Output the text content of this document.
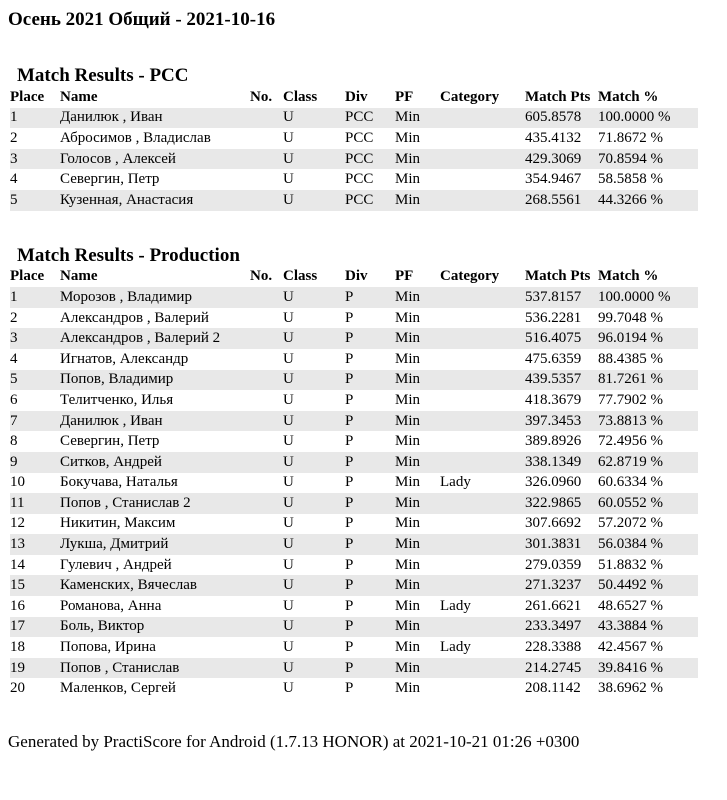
Осень 2021 Общий - 2021-10-16
Match Results - PCC
Place	Name	No.	Class	Div	PF	Category	Match Pts	Match %
1	Данилюк , Иван		U	PCC	Min		605.8578	100.0000 %
2	Абросимов , Владислав		U	PCC	Min		435.4132	71.8672 %
3	Голосов , Алексей		U	PCC	Min		429.3069	70.8594 %
4	Севергин, Петр		U	PCC	Min		354.9467	58.5858 %
5	Кузенная, Анастасия		U	PCC	Min		268.5561	44.3266 %
Match Results - Production
Place	Name	No.	Class	Div	PF	Category	Match Pts	Match %
1	Морозов , Владимир		U	P	Min		537.8157	100.0000 %
2	Александров , Валерий		U	P	Min		536.2281	99.7048 %
3	Александров , Валерий 2		U	P	Min		516.4075	96.0194 %
4	Игнатов, Александр		U	P	Min		475.6359	88.4385 %
5	Попов, Владимир		U	P	Min		439.5357	81.7261 %
6	Телитченко, Илья		U	P	Min		418.3679	77.7902 %
7	Данилюк , Иван		U	P	Min		397.3453	73.8813 %
8	Севергин, Петр		U	P	Min		389.8926	72.4956 %
9	Ситков, Андрей		U	P	Min		338.1349	62.8719 %
10	Бокучава, Наталья		U	P	Min	Lady	326.0960	60.6334 %
11	Попов , Станислав 2		U	P	Min		322.9865	60.0552 %
12	Никитин, Максим		U	P	Min		307.6692	57.2072 %
13	Лукша, Дмитрий		U	P	Min		301.3831	56.0384 %
14	Гулевич , Андрей		U	P	Min		279.0359	51.8832 %
15	Каменских, Вячеслав		U	P	Min		271.3237	50.4492 %
16	Романова, Анна		U	P	Min	Lady	261.6621	48.6527 %
17	Боль, Виктор		U	P	Min		233.3497	43.3884 %
18	Попова, Ирина		U	P	Min	Lady	228.3388	42.4567 %
19	Попов , Станислав		U	P	Min		214.2745	39.8416 %
20	Маленков, Сергей		U	P	Min		208.1142	38.6962 %

Generated by PractiScore for Android (1.7.13 HONOR) at 2021-10-21 01:26 +0300
